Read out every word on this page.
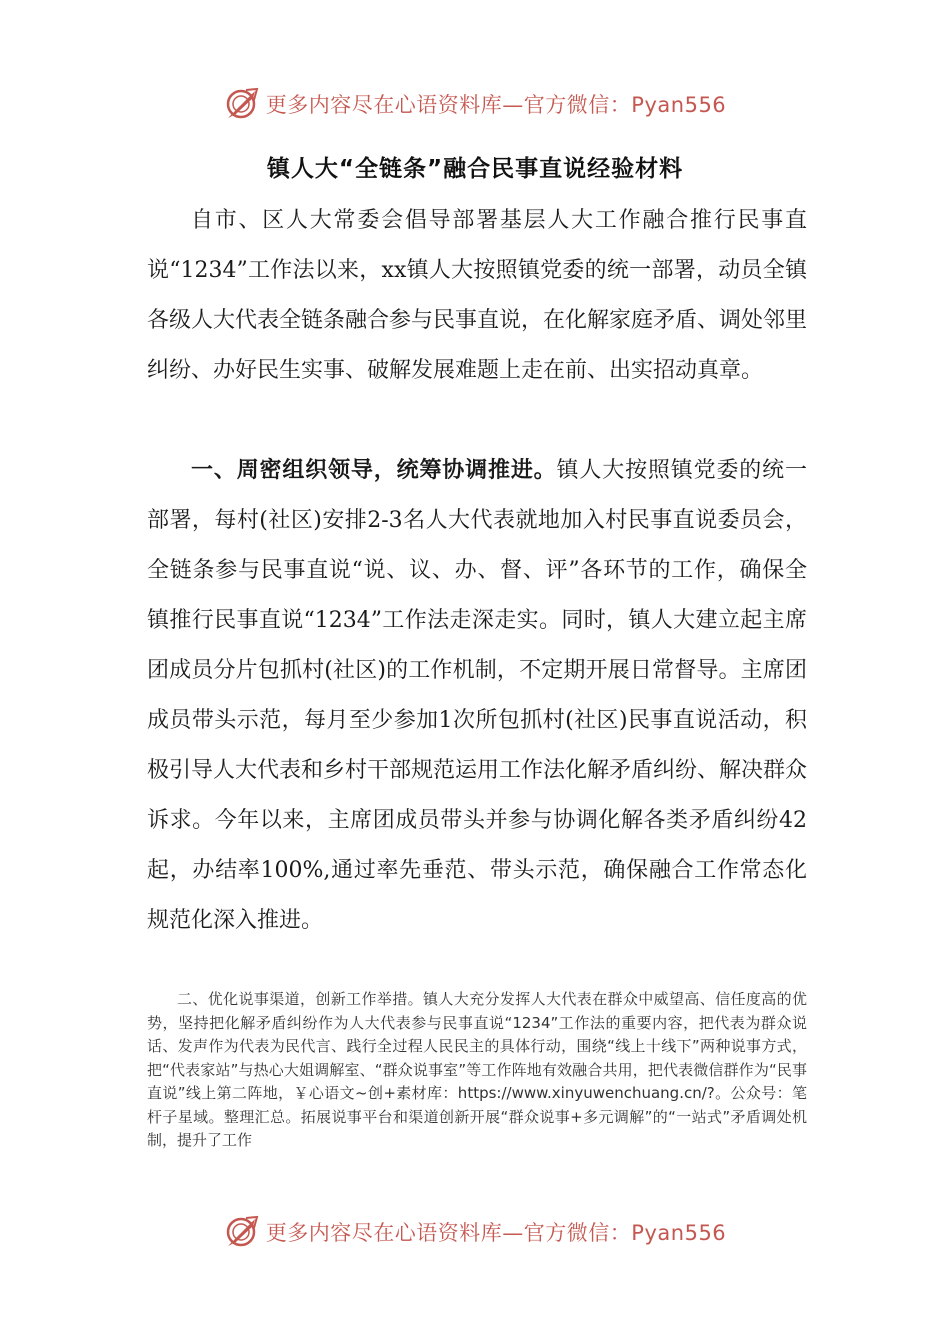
更多内容尽在心语资料库—官方微信：Pyan556
镇人大“全链条”融合民事直说经验材料
自市、区人大常委会倡导部署基层人大工作融合推行民事直说“1234”工作法以来，xx镇人大按照镇党委的统一部署，动员全镇各级人大代表全链条融合参与民事直说，在化解家庭矛盾、调处邻里纠纷、办好民生实事、破解发展难题上走在前、出实招动真章。
一、周密组织领导，统筹协调推进。镇人大按照镇党委的统一部署，每村(社区)安排2-3名人大代表就地加入村民事直说委员会，全链条参与民事直说“说、议、办、督、评”各环节的工作，确保全镇推行民事直说“1234”工作法走深走实。同时，镇人大建立起主席团成员分片包抓村(社区)的工作机制，不定期开展日常督导。主席团成员带头示范，每月至少参加1次所包抓村(社区)民事直说活动，积极引导人大代表和乡村干部规范运用工作法化解矛盾纠纷、解决群众诉求。今年以来，主席团成员带头并参与协调化解各类矛盾纠纷42起，办结率100%,通过率先垂范、带头示范，确保融合工作常态化规范化深入推进。
二、优化说事渠道，创新工作举措。镇人大充分发挥人大代表在群众中威望高、信任度高的优势，坚持把化解矛盾纠纷作为人大代表参与民事直说“1234”工作法的重要内容，把代表为群众说话、发声作为代表为民代言、践行全过程人民民主的具体行动，围绕“线上十线下”两种说事方式，把“代表家站”与热心大姐调解室、“群众说事室”等工作阵地有效融合共用，把代表微信群作为“民事直说”线上第二阵地，￥心语文~创+素材库：https://www.xinyuwenchuang.cn/?。公众号：笔杆子星域。整理汇总。拓展说事平台和渠道创新开展“群众说事+多元调解”的“一站式”矛盾调处机制，提升了工作
更多内容尽在心语资料库—官方微信：Pyan556
